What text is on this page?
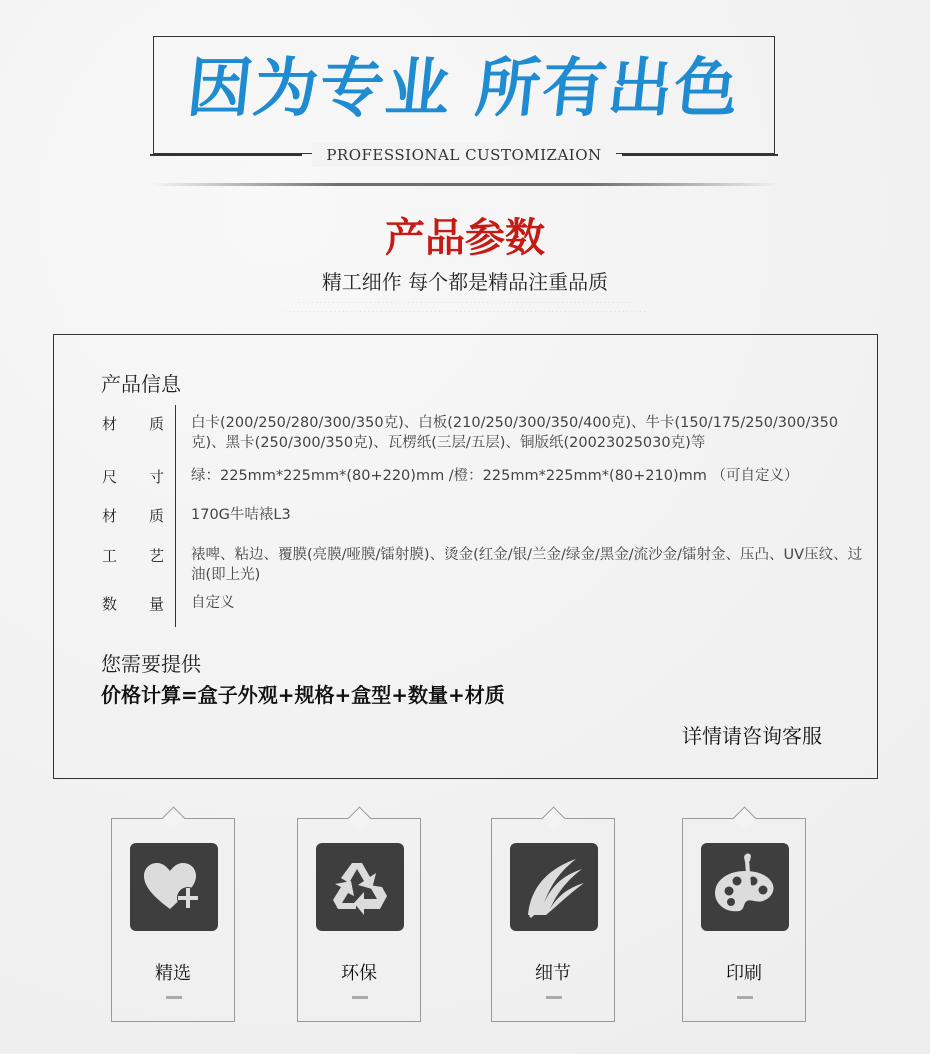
因为专业 所有出色
PROFESSIONAL CUSTOMIZAION
产品参数
精工细作 每个都是精品注重品质
· · · · · · · · · · · · · · · · · · · · · · · · · · · · · · · · · · · · · · · · · · · · · · · · · · · · · · · · · · · · · · · · · · · · · · · · · · · · · · · ·
· · · · · · · · · · · · · · · · · · · · · · · · · · · · · · · · · · · · · · · · · · · · · · · · · · · · · · · · · · · · · · · · · · · · · · · · · · · · · · · · · · · · · · ·
产品信息
材质 白卡(200/250/280/300/350克)、白板(210/250/300/350/400克)、牛卡(150/175/250/300/350克)、黑卡(250/300/350克)、瓦楞纸(三层/五层)、铜版纸(20023025030克)等
尺寸 绿：225mm*225mm*(80+220)mm /橙：225mm*225mm*(80+210)mm （可自定义）
材质 170G牛咭裱L3
工艺 裱啤、粘边、覆膜(亮膜/哑膜/镭射膜)、烫金(红金/银/兰金/绿金/黑金/流沙金/镭射金、压凸、UV压纹、过油(即上光)
数量 自定义
您需要提供
价格计算=盒子外观+规格+盒型+数量+材质
详情请咨询客服
精选	环保	细节	印刷
